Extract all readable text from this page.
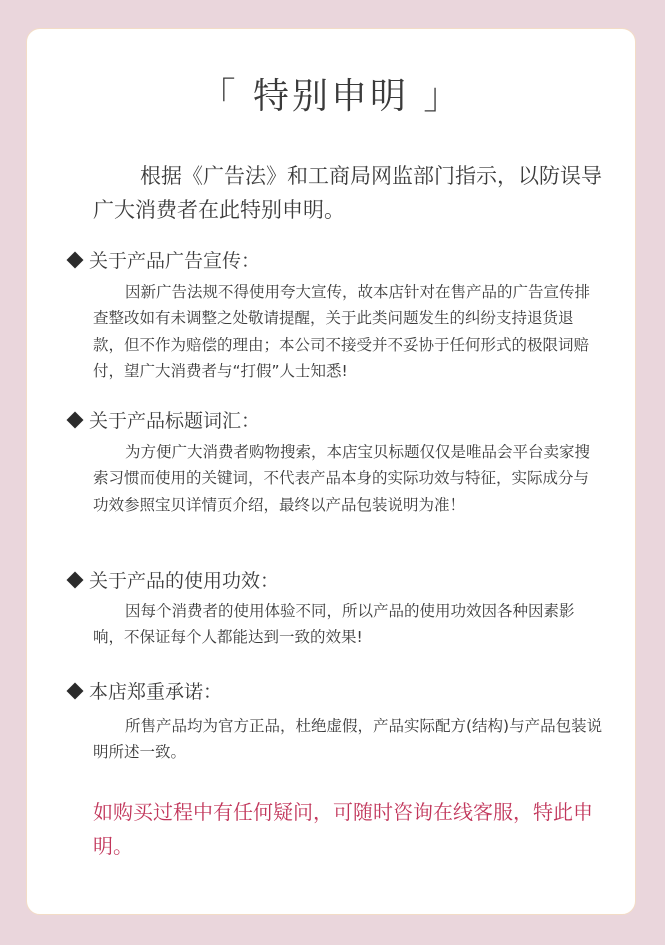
「 特别申明 」

根据《广告法》和工商局网监部门指示，以防误导广大消费者在此特别申明。

关于产品广告宣传：

因新广告法规不得使用夸大宣传，故本店针对在售产品的广告宣传排查整改如有未调整之处敬请提醒，关于此类问题发生的纠纷支持退货退款，但不作为赔偿的理由；本公司不接受并不妥协于任何形式的极限词赔付，望广大消费者与“打假”人士知悉!

关于产品标题词汇：

为方便广大消费者购物搜索，本店宝贝标题仅仅是唯品会平台卖家搜索习惯而使用的关键词，不代表产品本身的实际功效与特征，实际成分与功效参照宝贝详情页介绍，最终以产品包装说明为准！

关于产品的使用功效：

因每个消费者的使用体验不同，所以产品的使用功效因各种因素影响，不保证每个人都能达到一致的效果!

本店郑重承诺：

所售产品均为官方正品，杜绝虚假，产品实际配方(结构)与产品包装说明所述一致。

如购买过程中有任何疑问，可随时咨询在线客服，特此申明。
